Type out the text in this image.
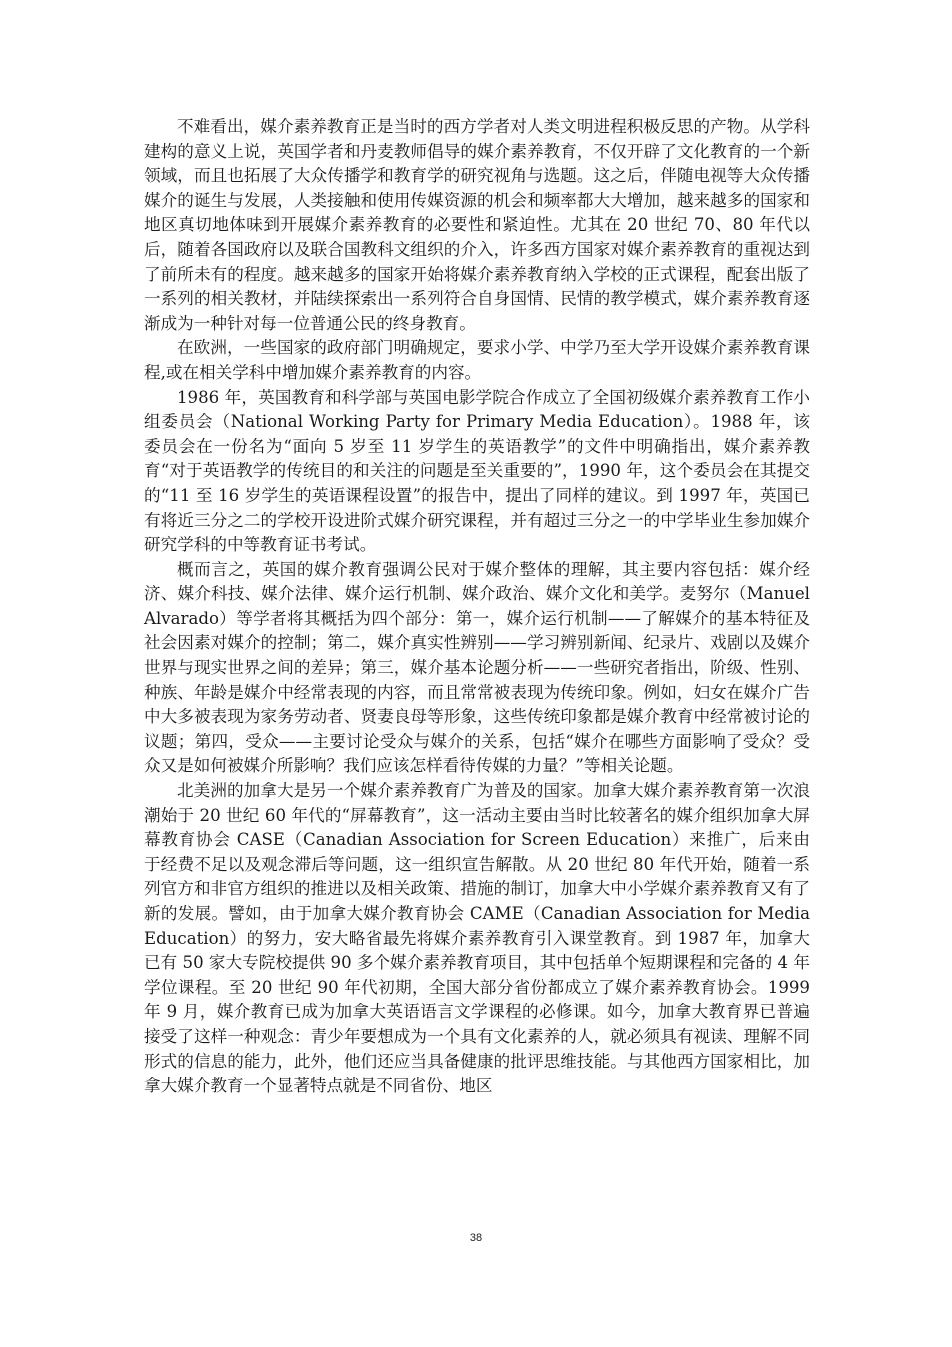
不难看出，媒介素养教育正是当时的西方学者对人类文明进程积极反思的产物。从学科建构的意义上说，英国学者和丹麦教师倡导的媒介素养教育，不仅开辟了文化教育的一个新领域，而且也拓展了大众传播学和教育学的研究视角与选题。这之后，伴随电视等大众传播媒介的诞生与发展，人类接触和使用传媒资源的机会和频率都大大增加，越来越多的国家和地区真切地体味到开展媒介素养教育的必要性和紧迫性。尤其在 20 世纪 70、80 年代以后，随着各国政府以及联合国教科文组织的介入，许多西方国家对媒介素养教育的重视达到了前所未有的程度。越来越多的国家开始将媒介素养教育纳入学校的正式课程，配套出版了一系列的相关教材，并陆续探索出一系列符合自身国情、民情的教学模式，媒介素养教育逐渐成为一种针对每一位普通公民的终身教育。

在欧洲，一些国家的政府部门明确规定，要求小学、中学乃至大学开设媒介素养教育课程,或在相关学科中增加媒介素养教育的内容。

1986 年，英国教育和科学部与英国电影学院合作成立了全国初级媒介素养教育工作小组委员会（National Working Party for Primary Media Education）。1988 年，该委员会在一份名为“面向 5 岁至 11 岁学生的英语教学”的文件中明确指出，媒介素养教育“对于英语教学的传统目的和关注的问题是至关重要的”，1990 年，这个委员会在其提交的“11 至 16 岁学生的英语课程设置”的报告中，提出了同样的建议。到 1997 年，英国已有将近三分之二的学校开设进阶式媒介研究课程，并有超过三分之一的中学毕业生参加媒介研究学科的中等教育证书考试。

概而言之，英国的媒介教育强调公民对于媒介整体的理解，其主要内容包括：媒介经济、媒介科技、媒介法律、媒介运行机制、媒介政治、媒介文化和美学。麦努尔（Manuel Alvarado）等学者将其概括为四个部分：第一，媒介运行机制——了解媒介的基本特征及社会因素对媒介的控制；第二，媒介真实性辨别——学习辨别新闻、纪录片、戏剧以及媒介世界与现实世界之间的差异；第三，媒介基本论题分析——一些研究者指出，阶级、性别、种族、年龄是媒介中经常表现的内容，而且常常被表现为传统印象。例如，妇女在媒介广告中大多被表现为家务劳动者、贤妻良母等形象，这些传统印象都是媒介教育中经常被讨论的议题；第四，受众——主要讨论受众与媒介的关系，包括“媒介在哪些方面影响了受众？受众又是如何被媒介所影响？我们应该怎样看待传媒的力量？”等相关论题。

北美洲的加拿大是另一个媒介素养教育广为普及的国家。加拿大媒介素养教育第一次浪潮始于 20 世纪 60 年代的“屏幕教育”，这一活动主要由当时比较著名的媒介组织加拿大屏幕教育协会 CASE（Canadian Association for Screen Education）来推广，后来由于经费不足以及观念滞后等问题，这一组织宣告解散。从 20 世纪 80 年代开始，随着一系列官方和非官方组织的推进以及相关政策、措施的制订，加拿大中小学媒介素养教育又有了新的发展。譬如，由于加拿大媒介教育协会 CAME（Canadian Association for Media Education）的努力，安大略省最先将媒介素养教育引入课堂教育。到 1987 年，加拿大已有 50 家大专院校提供 90 多个媒介素养教育项目，其中包括单个短期课程和完备的 4 年学位课程。至 20 世纪 90 年代初期，全国大部分省份都成立了媒介素养教育协会。1999 年 9 月，媒介教育已成为加拿大英语语言文学课程的必修课。如今，加拿大教育界已普遍接受了这样一种观念：青少年要想成为一个具有文化素养的人，就必须具有视读、理解不同形式的信息的能力，此外，他们还应当具备健康的批评思维技能。与其他西方国家相比，加拿大媒介教育一个显著特点就是不同省份、地区

38
